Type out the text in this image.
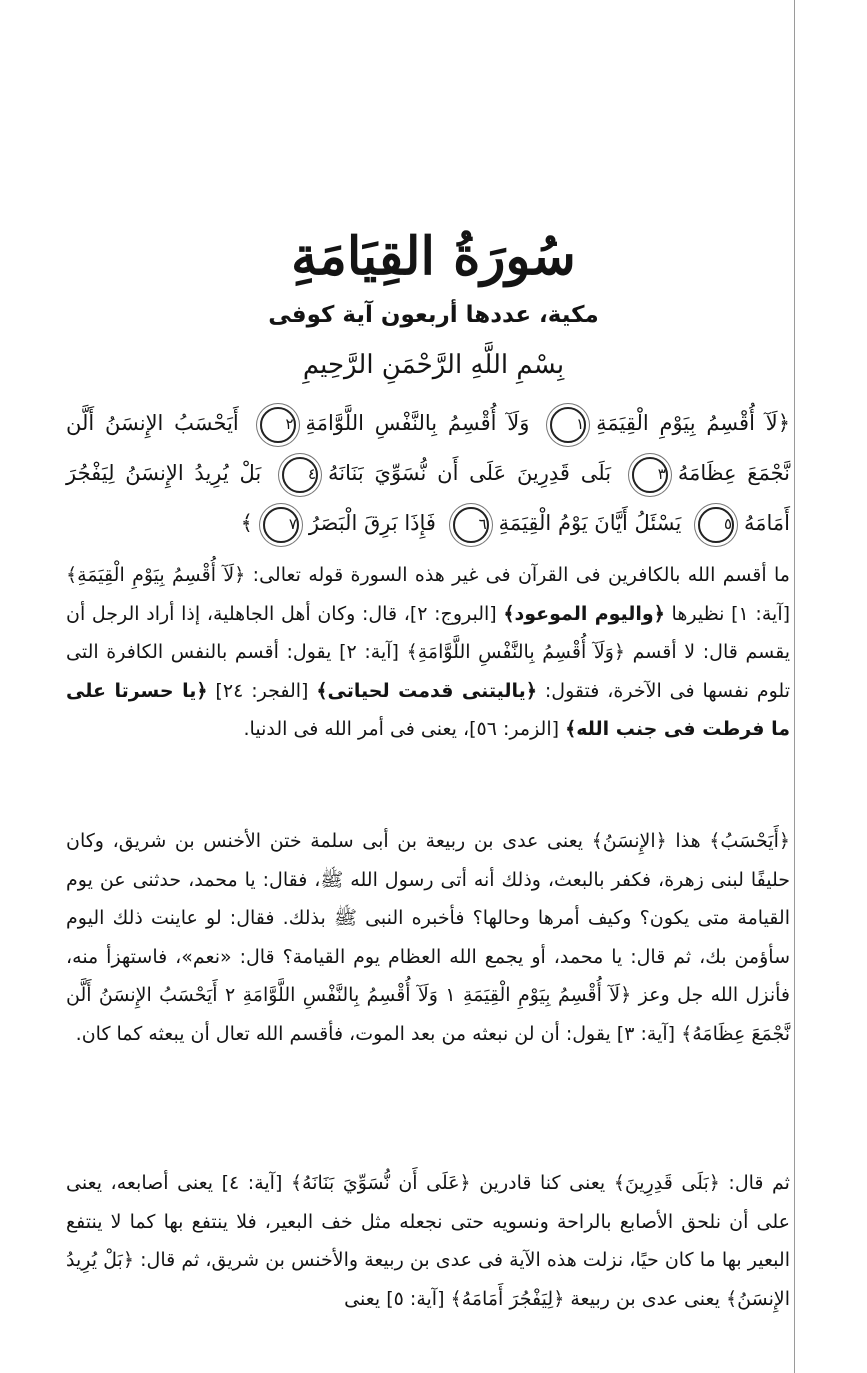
سُورَةُ القِيَامَةِ
مكية، عددها أربعون آية كوفى
بِسْمِ اللَّهِ الرَّحْمَنِ الرَّحِيمِ
﴿لَآ أُقْسِمُ بِيَوْمِ الْقِيَمَةِ١ وَلَآ أُقْسِمُ بِالنَّفْسِ اللَّوَّامَةِ٢ أَيَحْسَبُ الإِنسَنُ أَلَّن نَّجْمَعَ عِظَامَهُ٣ بَلَى قَدِرِينَ عَلَى أَن نُّسَوِّيَ بَنَانَهُ٤ بَلْ يُرِيدُ الإِنسَنُ لِيَفْجُرَ أَمَامَهُ٥ يَسْئَلُ أَيَّانَ يَوْمُ الْقِيَمَةِ٦ فَإِذَا بَرِقَ الْبَصَرُ٧﴾
ما أقسم الله بالكافرين فى القرآن فى غير هذه السورة قوله تعالى: ﴿لَآ أُقْسِمُ بِيَوْمِ الْقِيَمَةِ﴾ [آية: ١] نظيرها ﴿واليوم الموعود﴾ [البروج: ٢]، قال: وكان أهل الجاهلية، إذا أراد الرجل أن يقسم قال: لا أقسم ﴿وَلَآ أُقْسِمُ بِالنَّفْسِ اللَّوَّامَةِ﴾ [آية: ٢] يقول: أقسم بالنفس الكافرة التى تلوم نفسها فى الآخرة، فتقول: ﴿ياليتنى قدمت لحياتى﴾ [الفجر: ٢٤] ﴿يا حسرتا على ما فرطت فى جنب الله﴾ [الزمر: ٥٦]، يعنى فى أمر الله فى الدنيا.
﴿أَيَحْسَبُ﴾ هذا ﴿الإِنسَنُ﴾ يعنى عدى بن ربيعة بن أبى سلمة ختن الأخنس بن شريق، وكان حليفًا لبنى زهرة، فكفر بالبعث، وذلك أنه أتى رسول الله ﷺ، فقال: يا محمد، حدثنى عن يوم القيامة متى يكون؟ وكيف أمرها وحالها؟ فأخبره النبى ﷺ بذلك. فقال: لو عاينت ذلك اليوم سأؤمن بك، ثم قال: يا محمد، أو يجمع الله العظام يوم القيامة؟ قال: «نعم»، فاستهزأ منه، فأنزل الله جل وعز ﴿لَآ أُقْسِمُ بِيَوْمِ الْقِيَمَةِ ١ وَلَآ أُقْسِمُ بِالنَّفْسِ اللَّوَّامَةِ ٢ أَيَحْسَبُ الإِنسَنُ أَلَّن نَّجْمَعَ عِظَامَهُ﴾ [آية: ٣] يقول: أن لن نبعثه من بعد الموت، فأقسم الله تعال أن يبعثه كما كان.
ثم قال: ﴿بَلَى قَدِرِينَ﴾ يعنى كنا قادرين ﴿عَلَى أَن نُّسَوِّيَ بَنَانَهُ﴾ [آية: ٤] يعنى أصابعه، يعنى على أن نلحق الأصابع بالراحة ونسويه حتى نجعله مثل خف البعير، فلا ينتفع بها كما لا ينتفع البعير بها ما كان حيًا، نزلت هذه الآية فى عدى بن ربيعة والأخنس بن شريق، ثم قال: ﴿بَلْ يُرِيدُ الإِنسَنُ﴾ يعنى عدى بن ربيعة ﴿لِيَفْجُرَ أَمَامَهُ﴾ [آية: ٥] يعنى
